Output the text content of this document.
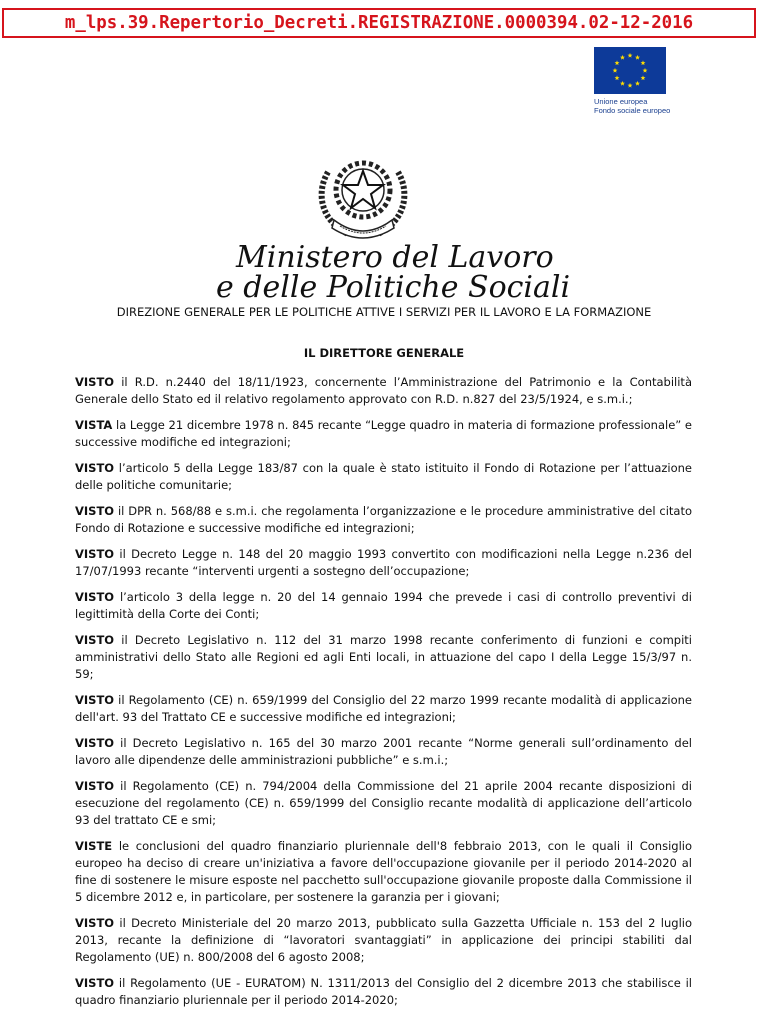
m_lps.39.Repertorio_Decreti.REGISTRAZIONE.0000394.02-12-2016
Unione europea
Fondo sociale europeo
Ministero del Lavoro
e delle Politiche Sociali
DIREZIONE GENERALE PER LE POLITICHE ATTIVE I SERVIZI PER IL LAVORO E LA FORMAZIONE
IL DIRETTORE GENERALE

VISTO il R.D. n.2440 del 18/11/1923, concernente l’Amministrazione del Patrimonio e la Contabilità Generale dello Stato ed il relativo regolamento approvato con R.D. n.827 del 23/5/1924, e s.m.i.;

VISTA la Legge 21 dicembre 1978 n. 845 recante “Legge quadro in materia di formazione professionale” e successive modifiche ed integrazioni;

VISTO l’articolo 5 della Legge 183/87 con la quale è stato istituito il Fondo di Rotazione per l’attuazione delle politiche comunitarie;

VISTO il DPR n. 568/88 e s.m.i. che regolamenta l’organizzazione e le procedure amministrative del citato Fondo di Rotazione e successive modifiche ed integrazioni;

VISTO il Decreto Legge n. 148 del 20 maggio 1993 convertito con modificazioni nella Legge n.236 del 17/07/1993 recante “interventi urgenti a sostegno dell’occupazione;

VISTO l’articolo 3 della legge n. 20 del 14 gennaio 1994 che prevede i casi di controllo preventivi di legittimità della Corte dei Conti;

VISTO il Decreto Legislativo n. 112 del 31 marzo 1998 recante conferimento di funzioni e compiti amministrativi dello Stato alle Regioni ed agli Enti locali, in attuazione del capo I della Legge 15/3/97 n. 59;

VISTO il Regolamento (CE) n. 659/1999 del Consiglio del 22 marzo 1999 recante modalità di applicazione dell'art. 93 del Trattato CE e successive modifiche ed integrazioni;

VISTO il Decreto Legislativo n. 165 del 30 marzo 2001 recante “Norme generali sull’ordinamento del lavoro alle dipendenze delle amministrazioni pubbliche” e s.m.i.;

VISTO il Regolamento (CE) n. 794/2004 della Commissione del 21 aprile 2004 recante disposizioni di esecuzione del regolamento (CE) n. 659/1999 del Consiglio recante modalità di applicazione dell’articolo 93 del trattato CE e smi;

VISTE le conclusioni del quadro finanziario pluriennale dell'8 febbraio 2013, con le quali il Consiglio europeo ha deciso di creare un'iniziativa a favore dell'occupazione giovanile per il periodo 2014-2020 al fine di sostenere le misure esposte nel pacchetto sull'occupazione giovanile proposte dalla Commissione il 5 dicembre 2012 e, in particolare, per sostenere la garanzia per i giovani;

VISTO il Decreto Ministeriale del 20 marzo 2013, pubblicato sulla Gazzetta Ufficiale n. 153 del 2 luglio 2013, recante la definizione di “lavoratori svantaggiati” in applicazione dei principi stabiliti dal Regolamento (UE) n. 800/2008 del 6 agosto 2008;

VISTO il Regolamento (UE - EURATOM) N. 1311/2013 del Consiglio del 2 dicembre 2013 che stabilisce il quadro finanziario pluriennale per il periodo 2014-2020;
